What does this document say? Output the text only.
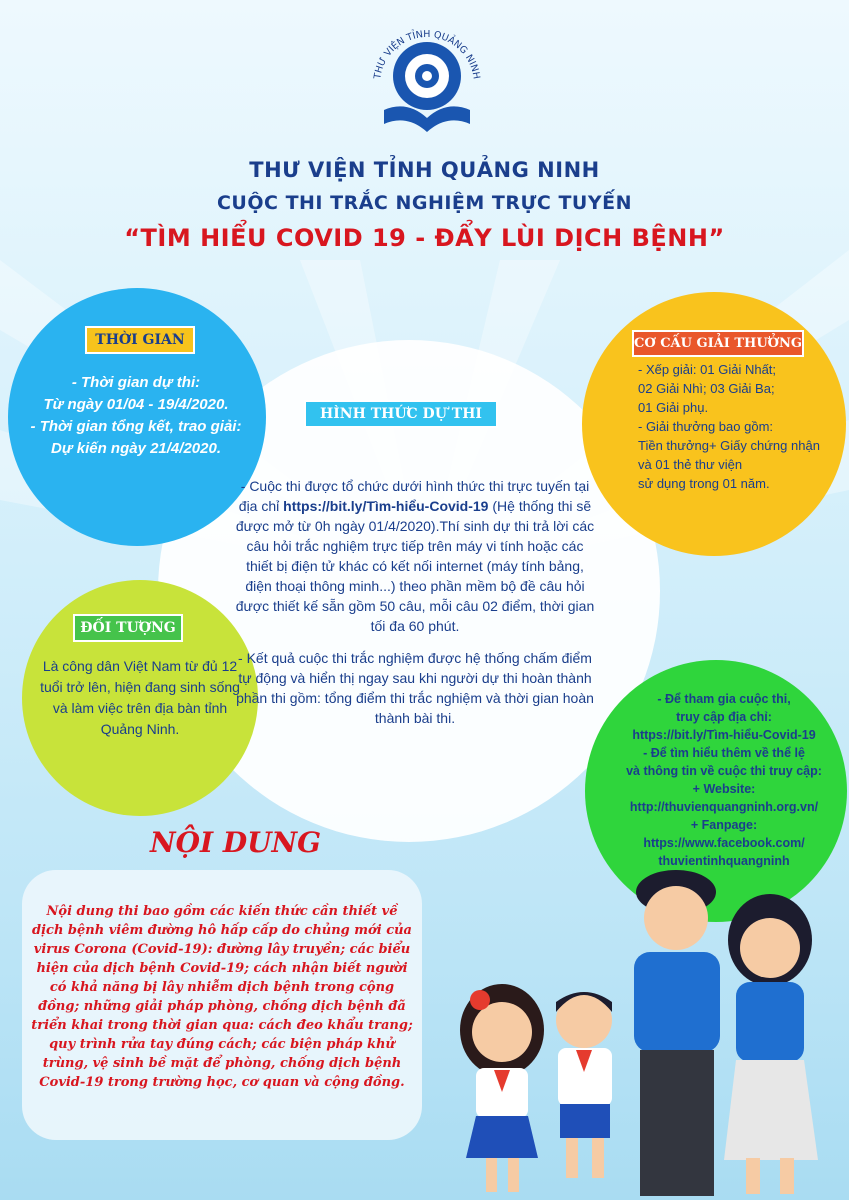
THƯ VIỆN TỈNH QUẢNG NINH
THƯ VIỆN TỈNH QUẢNG NINH
CUỘC THI TRẮC NGHIỆM TRỰC TUYẾN
“TÌM HIỂU COVID 19 - ĐẨY LÙI DỊCH BỆNH”
THỜI GIAN
- Thời gian dự thi:
Từ ngày 01/04 - 19/4/2020.
- Thời gian tổng kết, trao giải:
Dự kiến ngày 21/4/2020.
HÌNH THỨC DỰ THI

- Cuộc thi được tổ chức dưới hình thức thi trực tuyến tại địa chỉ https://bit.ly/Tìm-hiểu-Covid-19 (Hệ thống thi sẽ được mở từ 0h ngày 01/4/2020).Thí sinh dự thi trả lời các câu hỏi trắc nghiệm trực tiếp trên máy vi tính hoặc các thiết bị điện tử khác có kết nối internet (máy tính bảng, điện thoại thông minh...) theo phần mềm bộ đề câu hỏi được thiết kế sẵn gồm 50 câu, mỗi câu 02 điểm, thời gian tối đa 60 phút.

- Kết quả cuộc thi trắc nghiệm được hệ thống chấm điểm tự động và hiển thị ngay sau khi người dự thi hoàn thành phần thi gồm: tổng điểm thi trắc nghiệm và thời gian hoàn thành bài thi.

CƠ CẤU GIẢI THƯỞNG
- Xếp giải: 01 Giải Nhất;
02 Giải Nhì; 03 Giải Ba;
01 Giải phụ.
- Giải thưởng bao gồm:
Tiền thưởng+ Giấy chứng nhận
và 01 thẻ thư viện
sử dụng trong 01 năm.
ĐỐI TƯỢNG
Là công dân Việt Nam từ đủ 12 tuổi trở lên, hiện đang sinh sống và làm việc trên địa bàn tỉnh Quảng Ninh.
- Để tham gia cuộc thi,
truy cập địa chỉ:
https://bit.ly/Tìm-hiểu-Covid-19
- Để tìm hiểu thêm về thể lệ
và thông tin về cuộc thi truy cập:
+ Website:
http://thuvienquangninh.org.vn/
+ Fanpage:
https://www.facebook.com/
thuvientinhquangninh
NỘI DUNG
Nội dung thi bao gồm các kiến thức cần thiết về dịch bệnh viêm đường hô hấp cấp do chủng mới của virus Corona (Covid-19): đường lây truyền; các biểu hiện của dịch bệnh Covid-19; cách nhận biết người có khả năng bị lây nhiễm dịch bệnh trong cộng đồng; những giải pháp phòng, chống dịch bệnh đã triển khai trong thời gian qua: cách đeo khẩu trang; quy trình rửa tay đúng cách; các biện pháp khử trùng, vệ sinh bề mặt để phòng, chống dịch bệnh Covid-19 trong trường học, cơ quan và cộng đồng.
